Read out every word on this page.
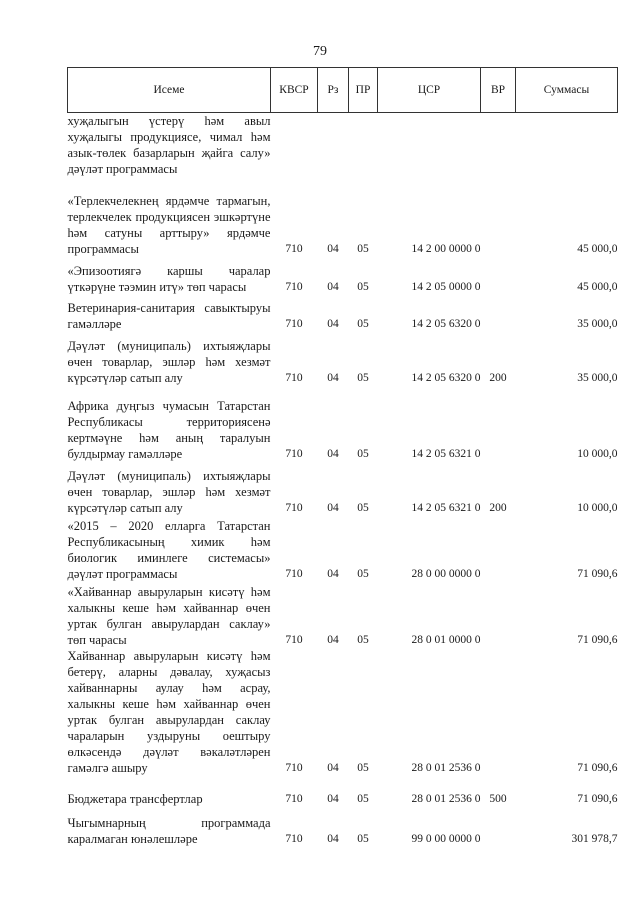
79
Исеме	КВСР	Рз	ПР	ЦСР	ВР	Суммасы
хуҗалыгын үстерү һәм авыл хуҗалыгы продукциясе, чимал һәм азык-төлек базарларын җайга салу» дәүләт программасы						
«Терлекчелекнең ярдәмче тармагын, терлекчелек продукциясен эшкәртүне һәм сатуны арттыру» ярдәмче программасы	710	04	05	14 2 00 0000 0		45 000,0
«Эпизоотиягә каршы чаралар үткәрүне тәэмин итү» төп чарасы	710	04	05	14 2 05 0000 0		45 000,0
Ветеринария-санитария савыктыруы гамәлләре	710	04	05	14 2 05 6320 0		35 000,0
Дәүләт (муниципаль) ихтыяҗлары өчен товарлар, эшләр һәм хезмәт күрсәтүләр сатып алу	710	04	05	14 2 05 6320 0	200	35 000,0
Африка дуңгыз чумасын Татарстан Республикасы территориясенә кертмәүне һәм аның таралуын булдырмау гамәлләре	710	04	05	14 2 05 6321 0		10 000,0
Дәүләт (муниципаль) ихтыяҗлары өчен товарлар, эшләр һәм хезмәт күрсәтүләр сатып алу	710	04	05	14 2 05 6321 0	200	10 000,0
«2015 – 2020 елларга Татарстан Республикасының химик һәм биологик иминлеге системасы» дәүләт программасы	710	04	05	28 0 00 0000 0		71 090,6
«Хайваннар авыруларын кисәтү һәм халыкны кеше һәм хайваннар өчен уртак булган авырулардан саклау» төп чарасы	710	04	05	28 0 01 0000 0		71 090,6
Хайваннар авыруларын кисәтү һәм бетерү, аларны дәвалау, хуҗасыз хайваннарны аулау һәм асрау, халыкны кеше һәм хайваннар өчен уртак булган авырулардан саклау чараларын уздыруны оештыру өлкәсендә дәүләт вәкаләтләрен гамәлгә ашыру	710	04	05	28 0 01 2536 0		71 090,6
Бюджетара трансфертлар	710	04	05	28 0 01 2536 0	500	71 090,6
Чыгымнарның программада каралмаган юнәлешләре	710	04	05	99 0 00 0000 0		301 978,7
